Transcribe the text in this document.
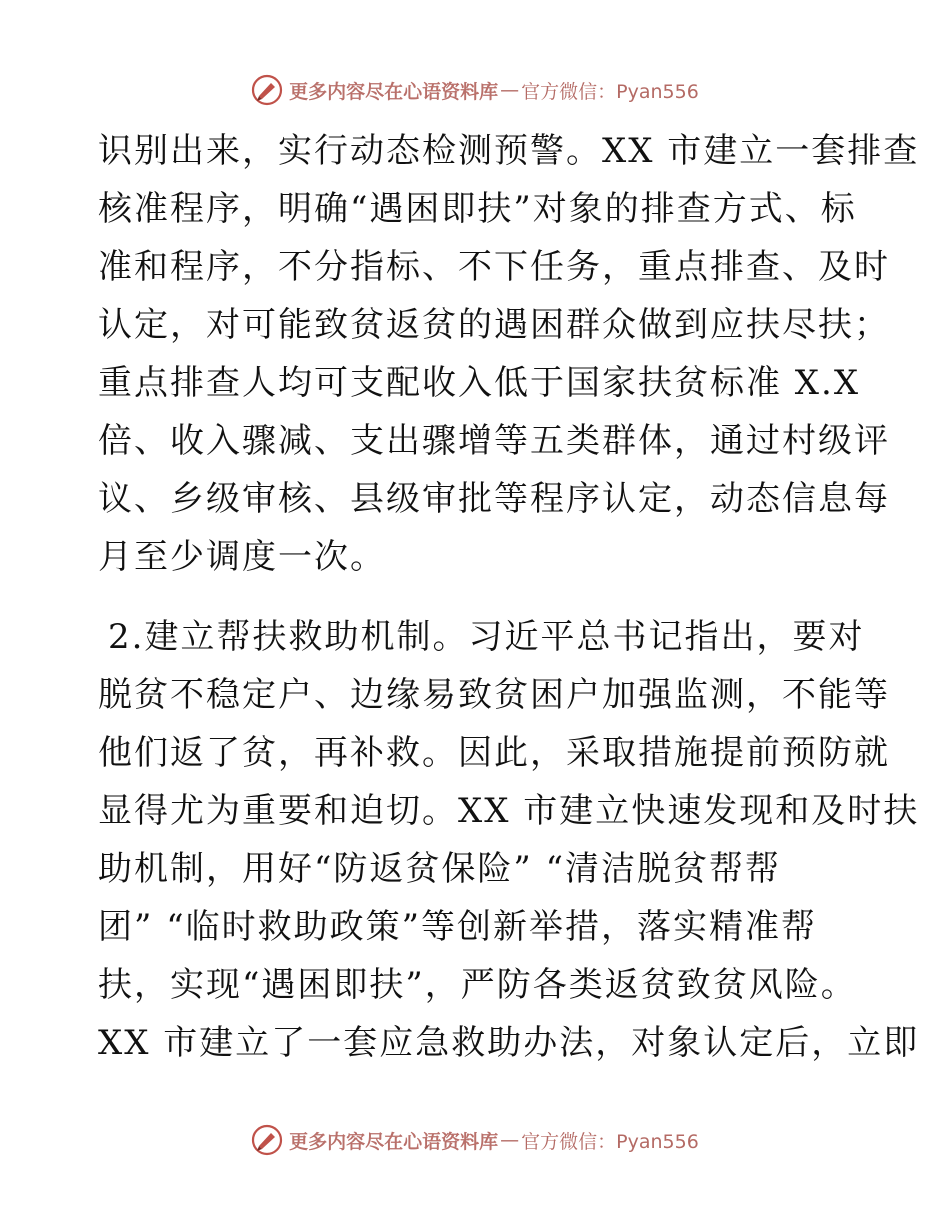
更多内容尽在心语资料库 — 官方微信：Pyan556
识别出来，实行动态检测预警。XX 市建立一套排查
核准程序，明确“遇困即扶”对象的排查方式、标
准和程序，不分指标、不下任务，重点排查、及时
认定，对可能致贫返贫的遇困群众做到应扶尽扶；
重点排查人均可支配收入低于国家扶贫标准 X.X
倍、收入骤减、支出骤增等五类群体，通过村级评
议、乡级审核、县级审批等程序认定，动态信息每
月至少调度一次。
2.建立帮扶救助机制。习近平总书记指出，要对
脱贫不稳定户、边缘易致贫困户加强监测，不能等
他们返了贫，再补救。因此，采取措施提前预防就
显得尤为重要和迫切。XX 市建立快速发现和及时扶
助机制，用好“防返贫保险” “清洁脱贫帮帮
团” “临时救助政策”等创新举措，落实精准帮
扶，实现“遇困即扶”，严防各类返贫致贫风险。
XX 市建立了一套应急救助办法，对象认定后，立即
更多内容尽在心语资料库 — 官方微信：Pyan556
